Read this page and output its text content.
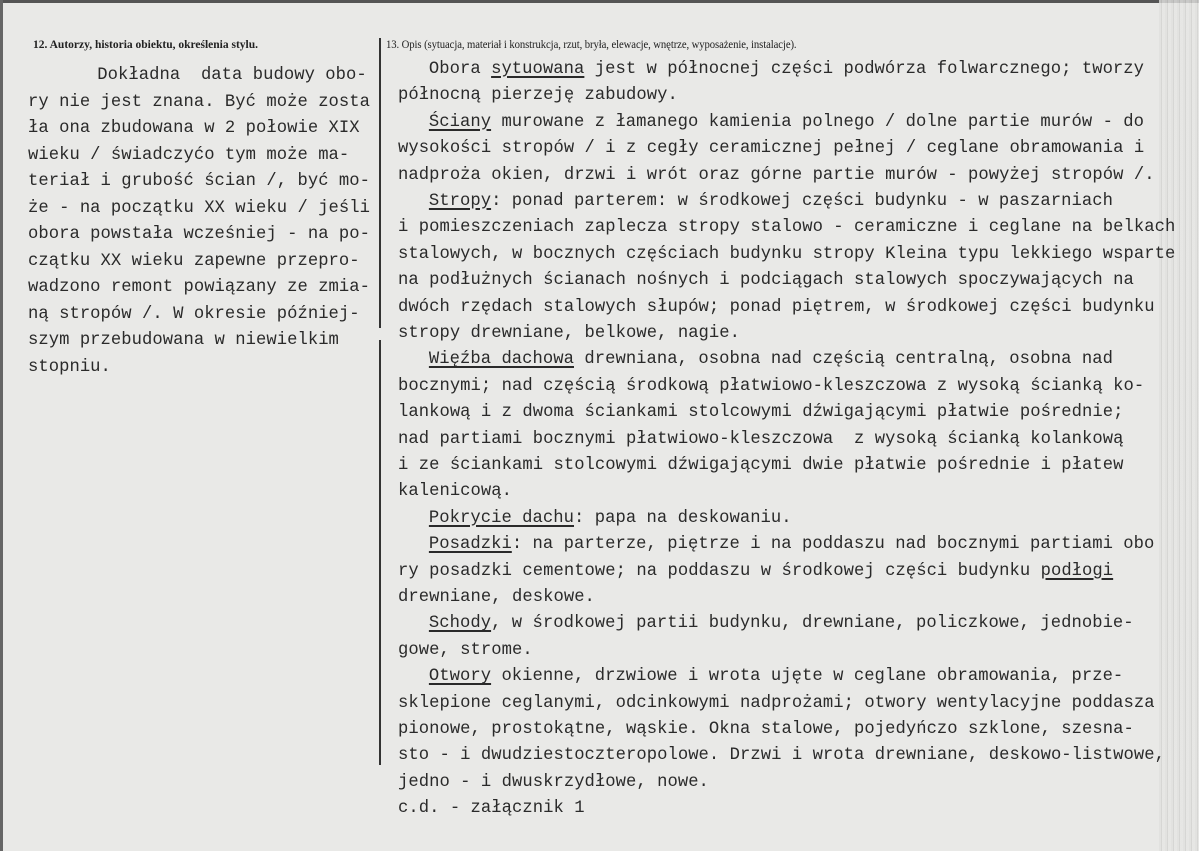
12. Autorzy, historia obiektu, określenia stylu.	13. Opis (sytuacja, materiał i konstrukcja, rzut, bryła, elewacje, wnętrze, wyposażenie, instalacje).
Dokładna  data budowy obo-
ry nie jest znana. Być może zosta
ła ona zbudowana w 2 połowie XIX
wieku / świadczyćo tym może ma-
teriał i grubość ścian /, być mo-
że - na początku XX wieku / jeśli
obora powstała wcześniej - na po-
czątku XX wieku zapewne przepro-
wadzono remont powiązany ze zmia-
ną stropów /. W okresie później-
szym przebudowana w niewielkim
stopniu.
Obora sytuowana jest w północnej części podwórza folwarcznego; tworzy
północną pierzeję zabudowy.
Ściany murowane z łamanego kamienia polnego / dolne partie murów - do
wysokości stropów / i z cegły ceramicznej pełnej / ceglane obramowania i
nadproża okien, drzwi i wrót oraz górne partie murów - powyżej stropów /.
Stropy: ponad parterem: w środkowej części budynku - w paszarniach
i pomieszczeniach zaplecza stropy stalowo - ceramiczne i ceglane na belkach
stalowych, w bocznych częściach budynku stropy Kleina typu lekkiego wsparte
na podłużnych ścianach nośnych i podciągach stalowych spoczywających na
dwóch rzędach stalowych słupów; ponad piętrem, w środkowej części budynku
stropy drewniane, belkowe, nagie.
Więźba dachowa drewniana, osobna nad częścią centralną, osobna nad
bocznymi; nad częścią środkową płatwiowo-kleszczowa z wysoką ścianką ko-
lankową i z dwoma ściankami stolcowymi dźwigającymi płatwie pośrednie;
nad partiami bocznymi płatwiowo-kleszczowa  z wysoką ścianką kolankową
i ze ściankami stolcowymi dźwigającymi dwie płatwie pośrednie i płatew
kalenicową.
Pokrycie dachu: papa na deskowaniu.
Posadzki: na parterze, piętrze i na poddaszu nad bocznymi partiami obo
ry posadzki cementowe; na poddaszu w środkowej części budynku podłogi
drewniane, deskowe.
Schody, w środkowej partii budynku, drewniane, policzkowe, jednobie-
gowe, strome.
Otwory okienne, drzwiowe i wrota ujęte w ceglane obramowania, prze-
sklepione ceglanymi, odcinkowymi nadprożami; otwory wentylacyjne poddasza
pionowe, prostokątne, wąskie. Okna stalowe, pojedyńczo szklone, szesna-
sto - i dwudziestoczteropolowe. Drzwi i wrota drewniane, deskowo-listwowe,
jedno - i dwuskrzydłowe, nowe.
c.d. - załącznik 1
